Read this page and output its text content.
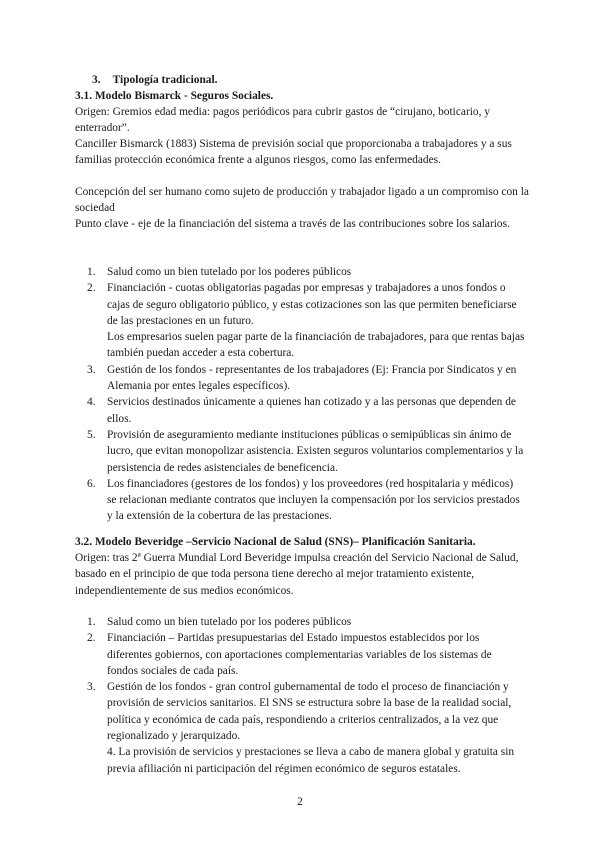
3. Tipología tradicional.

3.1. Modelo Bismarck - Seguros Sociales.

Origen: Gremios edad media: pagos periódicos para cubrir gastos de “cirujano, boticario, y enterrador”.

Canciller Bismarck (1883) Sistema de previsión social que proporcionaba a trabajadores y a sus familias protección económica frente a algunos riesgos, como las enfermedades.

Concepción del ser humano como sujeto de producción y trabajador ligado a un compromiso con la sociedad

Punto clave - eje de la financiación del sistema a través de las contribuciones sobre los salarios.

1. Salud como un bien tutelado por los poderes públicos
2. Financiación - cuotas obligatorias pagadas por empresas y trabajadores a unos fondos o cajas de seguro obligatorio público, y estas cotizaciones son las que permiten beneficiarse de las prestaciones en un futuro.
Los empresarios suelen pagar parte de la financiación de trabajadores, para que rentas bajas también puedan acceder a esta cobertura.
3. Gestión de los fondos - representantes de los trabajadores (Ej: Francia por Sindicatos y en Alemania por entes legales específicos).
4. Servicios destinados únicamente a quienes han cotizado y a las personas que dependen de ellos.
5. Provisión de aseguramiento mediante instituciones públicas o semipúblicas sin ánimo de lucro, que evitan monopolizar asistencia. Existen seguros voluntarios complementarios y la persistencia de redes asistenciales de beneficencia.
6. Los financiadores (gestores de los fondos) y los proveedores (red hospitalaria y médicos) se relacionan mediante contratos que incluyen la compensación por los servicios prestados y la extensión de la cobertura de las prestaciones.

3.2. Modelo Beveridge –Servicio Nacional de Salud (SNS)– Planificación Sanitaria.

Origen: tras 2ª Guerra Mundial Lord Beveridge impulsa creación del Servicio Nacional de Salud, basado en el principio de que toda persona tiene derecho al mejor tratamiento existente, independientemente de sus medios económicos.

1. Salud como un bien tutelado por los poderes públicos
2. Financiación – Partidas presupuestarias del Estado impuestos establecidos por los diferentes gobiernos, con aportaciones complementarias variables de los sistemas de fondos sociales de cada país.
3. Gestión de los fondos - gran control gubernamental de todo el proceso de financiación y provisión de servicios sanitarios. El SNS se estructura sobre la base de la realidad social, política y económica de cada país, respondiendo a criterios centralizados, a la vez que regionalizado y jerarquizado.
4. La provisión de servicios y prestaciones se lleva a cabo de manera global y gratuita sin previa afiliación ni participación del régimen económico de seguros estatales.
2
